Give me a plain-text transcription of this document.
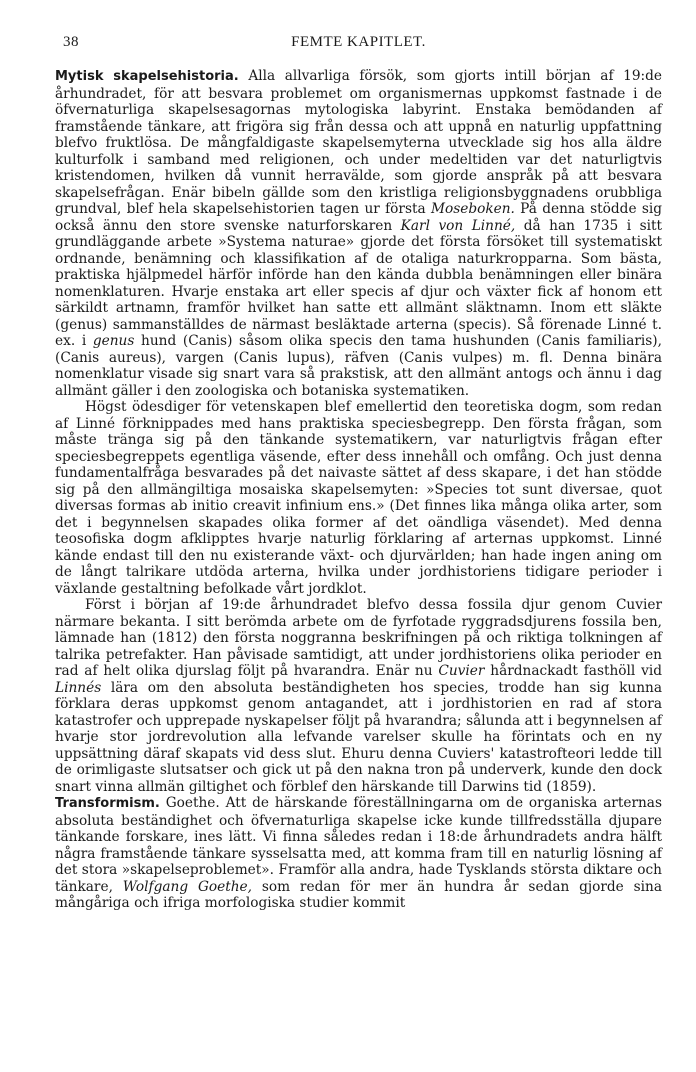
38	FEMTE KAPITLET.

Mytisk skapelsehistoria. Alla allvarliga försök, som gjorts intill början af 19:de århundradet, för att besvara problemet om organismernas uppkomst fastnade i de öfvernaturliga skapelsesagornas mytologiska labyrint. Enstaka bemödanden af framstående tänkare, att frigöra sig från dessa och att uppnå en naturlig uppfattning blefvo fruktlösa. De mångfaldigaste skapelsemyterna utvecklade sig hos alla äldre kulturfolk i samband med religionen, och under medeltiden var det naturligtvis kristendomen, hvilken då vunnit herravälde, som gjorde anspråk på att besvara skapelsefrågan. Enär bibeln gällde som den kristliga religionsbyggnadens orubbliga grundval, blef hela skapelsehistorien tagen ur första Moseboken. På denna stödde sig också ännu den store svenske naturforskaren Karl von Linné, då han 1735 i sitt grundläggande arbete »Systema naturae» gjorde det första försöket till systematiskt ordnande, benämning och klassifikation af de otaliga naturkropparna. Som bästa, praktiska hjälpmedel härför införde han den kända dubbla benämningen eller binära nomenklaturen. Hvarje enstaka art eller specis af djur och växter fick af honom ett särkildt artnamn, framför hvilket han satte ett allmänt släktnamn. Inom ett släkte (genus) sammanställdes de närmast besläktade arterna (specis). Så förenade Linné t. ex. i genus hund (Canis) såsom olika specis den tama hushunden (Canis familiaris), (Canis aureus), vargen (Canis lupus), räfven (Canis vulpes) m. fl. Denna binära nomenklatur visade sig snart vara så prakstisk, att den allmänt antogs och ännu i dag allmänt gäller i den zoologiska och botaniska systematiken.

Högst ödesdiger för vetenskapen blef emellertid den teoretiska dogm, som redan af Linné förknippades med hans praktiska speciesbegrepp. Den första frågan, som måste tränga sig på den tänkande systematikern, var naturligtvis frågan efter speciesbegreppets egentliga väsende, efter dess innehåll och omfång. Och just denna fundamentalfråga besvarades på det naivaste sättet af dess skapare, i det han stödde sig på den allmängiltiga mosaiska skapelsemyten: »Species tot sunt diversae, quot diversas formas ab initio creavit infinium ens.» (Det finnes lika många olika arter, som det i begynnelsen skapades olika former af det oändliga väsendet). Med denna teosofiska dogm afklipptes hvarje naturlig förklaring af arternas uppkomst. Linné kände endast till den nu existerande växt- och djurvärlden; han hade ingen aning om de långt talrikare utdöda arterna, hvilka under jordhistoriens tidigare perioder i växlande gestaltning befolkade vårt jordklot.

Först i början af 19:de århundradet blefvo dessa fossila djur genom Cuvier närmare bekanta. I sitt berömda arbete om de fyrfotade ryggradsdjurens fossila ben, lämnade han (1812) den första noggranna beskrifningen på och riktiga tolkningen af talrika petrefakter. Han påvisade samtidigt, att under jordhistoriens olika perioder en rad af helt olika djurslag följt på hvarandra. Enär nu Cuvier hårdnackadt fasthöll vid Linnés lära om den absoluta beständigheten hos species, trodde han sig kunna förklara deras uppkomst genom antagandet, att i jordhistorien en rad af stora katastrofer och upprepade nyskapelser följt på hvarandra; sålunda att i begynnelsen af hvarje stor jordrevolution alla lefvande varelser skulle ha förintats och en ny uppsättning däraf skapats vid dess slut. Ehuru denna Cuviers' katastrofteori ledde till de orimligaste slutsatser och gick ut på den nakna tron på underverk, kunde den dock snart vinna allmän giltighet och förblef den härskande till Darwins tid (1859).

Transformism. Goethe. Att de härskande föreställningarna om de organiska arternas absoluta beständighet och öfvernaturliga skapelse icke kunde tillfredsställa djupare tänkande forskare, ines lätt. Vi finna således redan i 18:de århundradets andra hälft några framstående tänkare sysselsatta med, att komma fram till en naturlig lösning af det stora »skapelseproblemet». Framför alla andra, hade Tysklands största diktare och tänkare, Wolfgang Goethe, som redan för mer än hundra år sedan gjorde sina mångåriga och ifriga morfologiska studier kommit
